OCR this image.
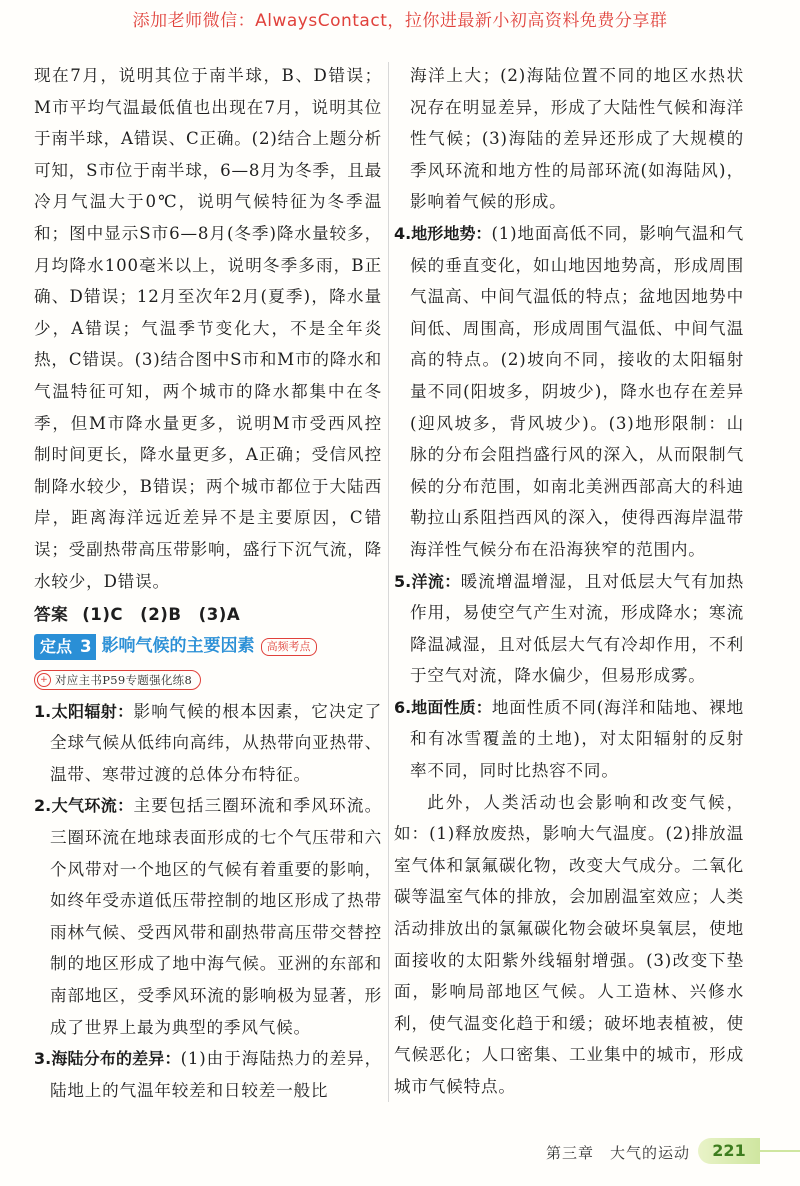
添加老师微信：AlwaysContact，拉你进最新小初高资料免费分享群

现在7月，说明其位于南半球，B、D错误；M市平均气温最低值也出现在7月，说明其位于南半球，A错误、C正确。(2)结合上题分析可知，S市位于南半球，6—8月为冬季，且最冷月气温大于0℃，说明气候特征为冬季温和；图中显示S市6—8月(冬季)降水量较多，月均降水100毫米以上，说明冬季多雨，B正确、D错误；12月至次年2月(夏季)，降水量少，A错误；气温季节变化大，不是全年炎热，C错误。(3)结合图中S市和M市的降水和气温特征可知，两个城市的降水都集中在冬季，但M市降水量更多，说明M市受西风控制时间更长，降水量更多，A正确；受信风控制降水较少，B错误；两个城市都位于大陆西岸，距离海洋远近差异不是主要原因，C错误；受副热带高压带影响，盛行下沉气流，降水较少，D错误。

答案 (1)C　(2)B　(3)A

定点 3 影响气候的主要因素	高频考点
+ 对应主书P59专题强化练8

1.太阳辐射：影响气候的根本因素，它决定了全球气候从低纬向高纬，从热带向亚热带、温带、寒带过渡的总体分布特征。

2.大气环流：主要包括三圈环流和季风环流。三圈环流在地球表面形成的七个气压带和六个风带对一个地区的气候有着重要的影响，如终年受赤道低压带控制的地区形成了热带雨林气候、受西风带和副热带高压带交替控制的地区形成了地中海气候。亚洲的东部和南部地区，受季风环流的影响极为显著，形成了世界上最为典型的季风气候。

3.海陆分布的差异：(1)由于海陆热力的差异，陆地上的气温年较差和日较差一般比

海洋上大；(2)海陆位置不同的地区水热状况存在明显差异，形成了大陆性气候和海洋性气候；(3)海陆的差异还形成了大规模的季风环流和地方性的局部环流(如海陆风)，影响着气候的形成。

4.地形地势：(1)地面高低不同，影响气温和气候的垂直变化，如山地因地势高，形成周围气温高、中间气温低的特点；盆地因地势中间低、周围高，形成周围气温低、中间气温高的特点。(2)坡向不同，接收的太阳辐射量不同(阳坡多，阴坡少)，降水也存在差异(迎风坡多，背风坡少)。(3)地形限制：山脉的分布会阻挡盛行风的深入，从而限制气候的分布范围，如南北美洲西部高大的科迪勒拉山系阻挡西风的深入，使得西海岸温带海洋性气候分布在沿海狭窄的范围内。

5.洋流：暖流增温增湿，且对低层大气有加热作用，易使空气产生对流，形成降水；寒流降温减湿，且对低层大气有冷却作用，不利于空气对流，降水偏少，但易形成雾。

6.地面性质：地面性质不同(海洋和陆地、裸地和有冰雪覆盖的土地)，对太阳辐射的反射率不同，同时比热容不同。

此外，人类活动也会影响和改变气候，如：(1)释放废热，影响大气温度。(2)排放温室气体和氯氟碳化物，改变大气成分。二氧化碳等温室气体的排放，会加剧温室效应；人类活动排放出的氯氟碳化物会破坏臭氧层，使地面接收的太阳紫外线辐射增强。(3)改变下垫面，影响局部地区气候。人工造林、兴修水利，使气温变化趋于和缓；破坏地表植被，使气候恶化；人口密集、工业集中的城市，形成城市气候特点。

第三章　大气的运动	221
